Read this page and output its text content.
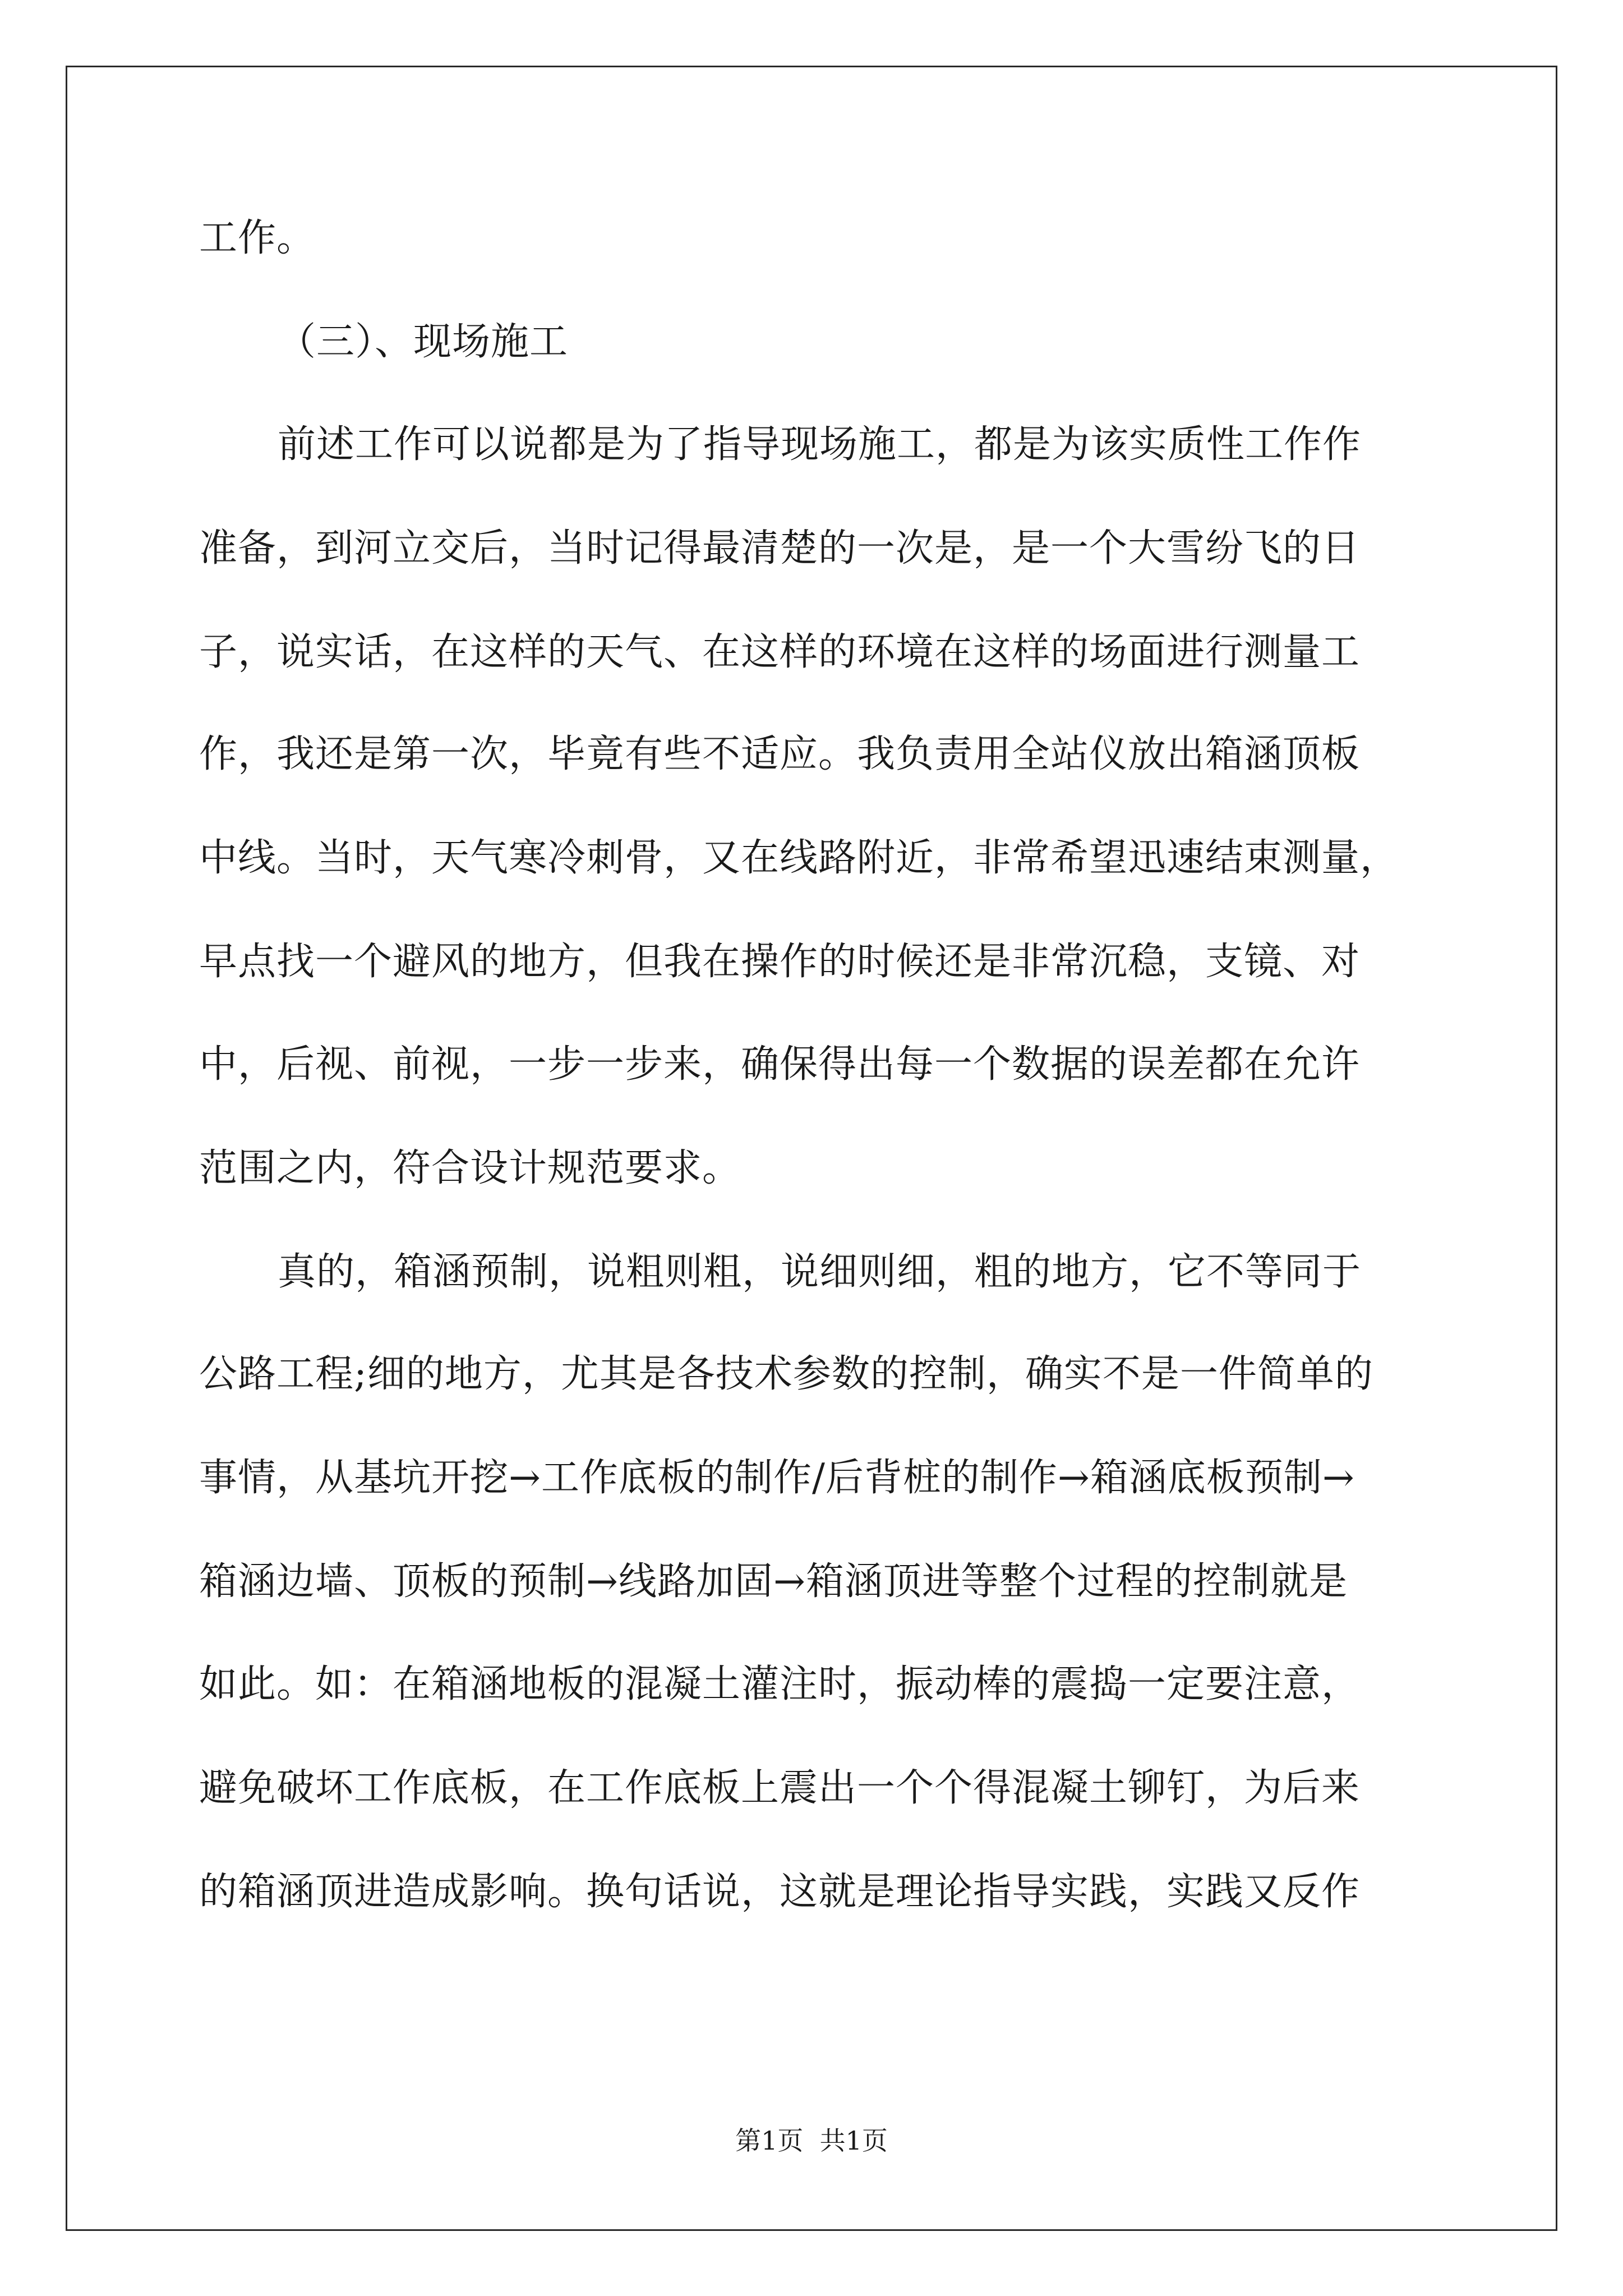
工作。
（三）、现场施工
前述工作可以说都是为了指导现场施工，都是为该实质性工作作
准备，到河立交后，当时记得最清楚的一次是，是一个大雪纷飞的日
子，说实话，在这样的天气、在这样的环境在这样的场面进行测量工
作，我还是第一次，毕竟有些不适应。我负责用全站仪放出箱涵顶板
中线。当时，天气寒冷刺骨，又在线路附近，非常希望迅速结束测量，
早点找一个避风的地方，但我在操作的时候还是非常沉稳，支镜、对
中，后视、前视，一步一步来，确保得出每一个数据的误差都在允许
范围之内，符合设计规范要求。
真的，箱涵预制，说粗则粗，说细则细，粗的地方，它不等同于
公路工程;细的地方，尤其是各技术参数的控制，确实不是一件简单的
事情，从基坑开挖→工作底板的制作/后背桩的制作→箱涵底板预制→
箱涵边墙、顶板的预制→线路加固→箱涵顶进等整个过程的控制就是
如此。如：在箱涵地板的混凝土灌注时，振动棒的震捣一定要注意，
避免破坏工作底板，在工作底板上震出一个个得混凝土铆钉，为后来
的箱涵顶进造成影响。换句话说，这就是理论指导实践，实践又反作
第1页  共1页
